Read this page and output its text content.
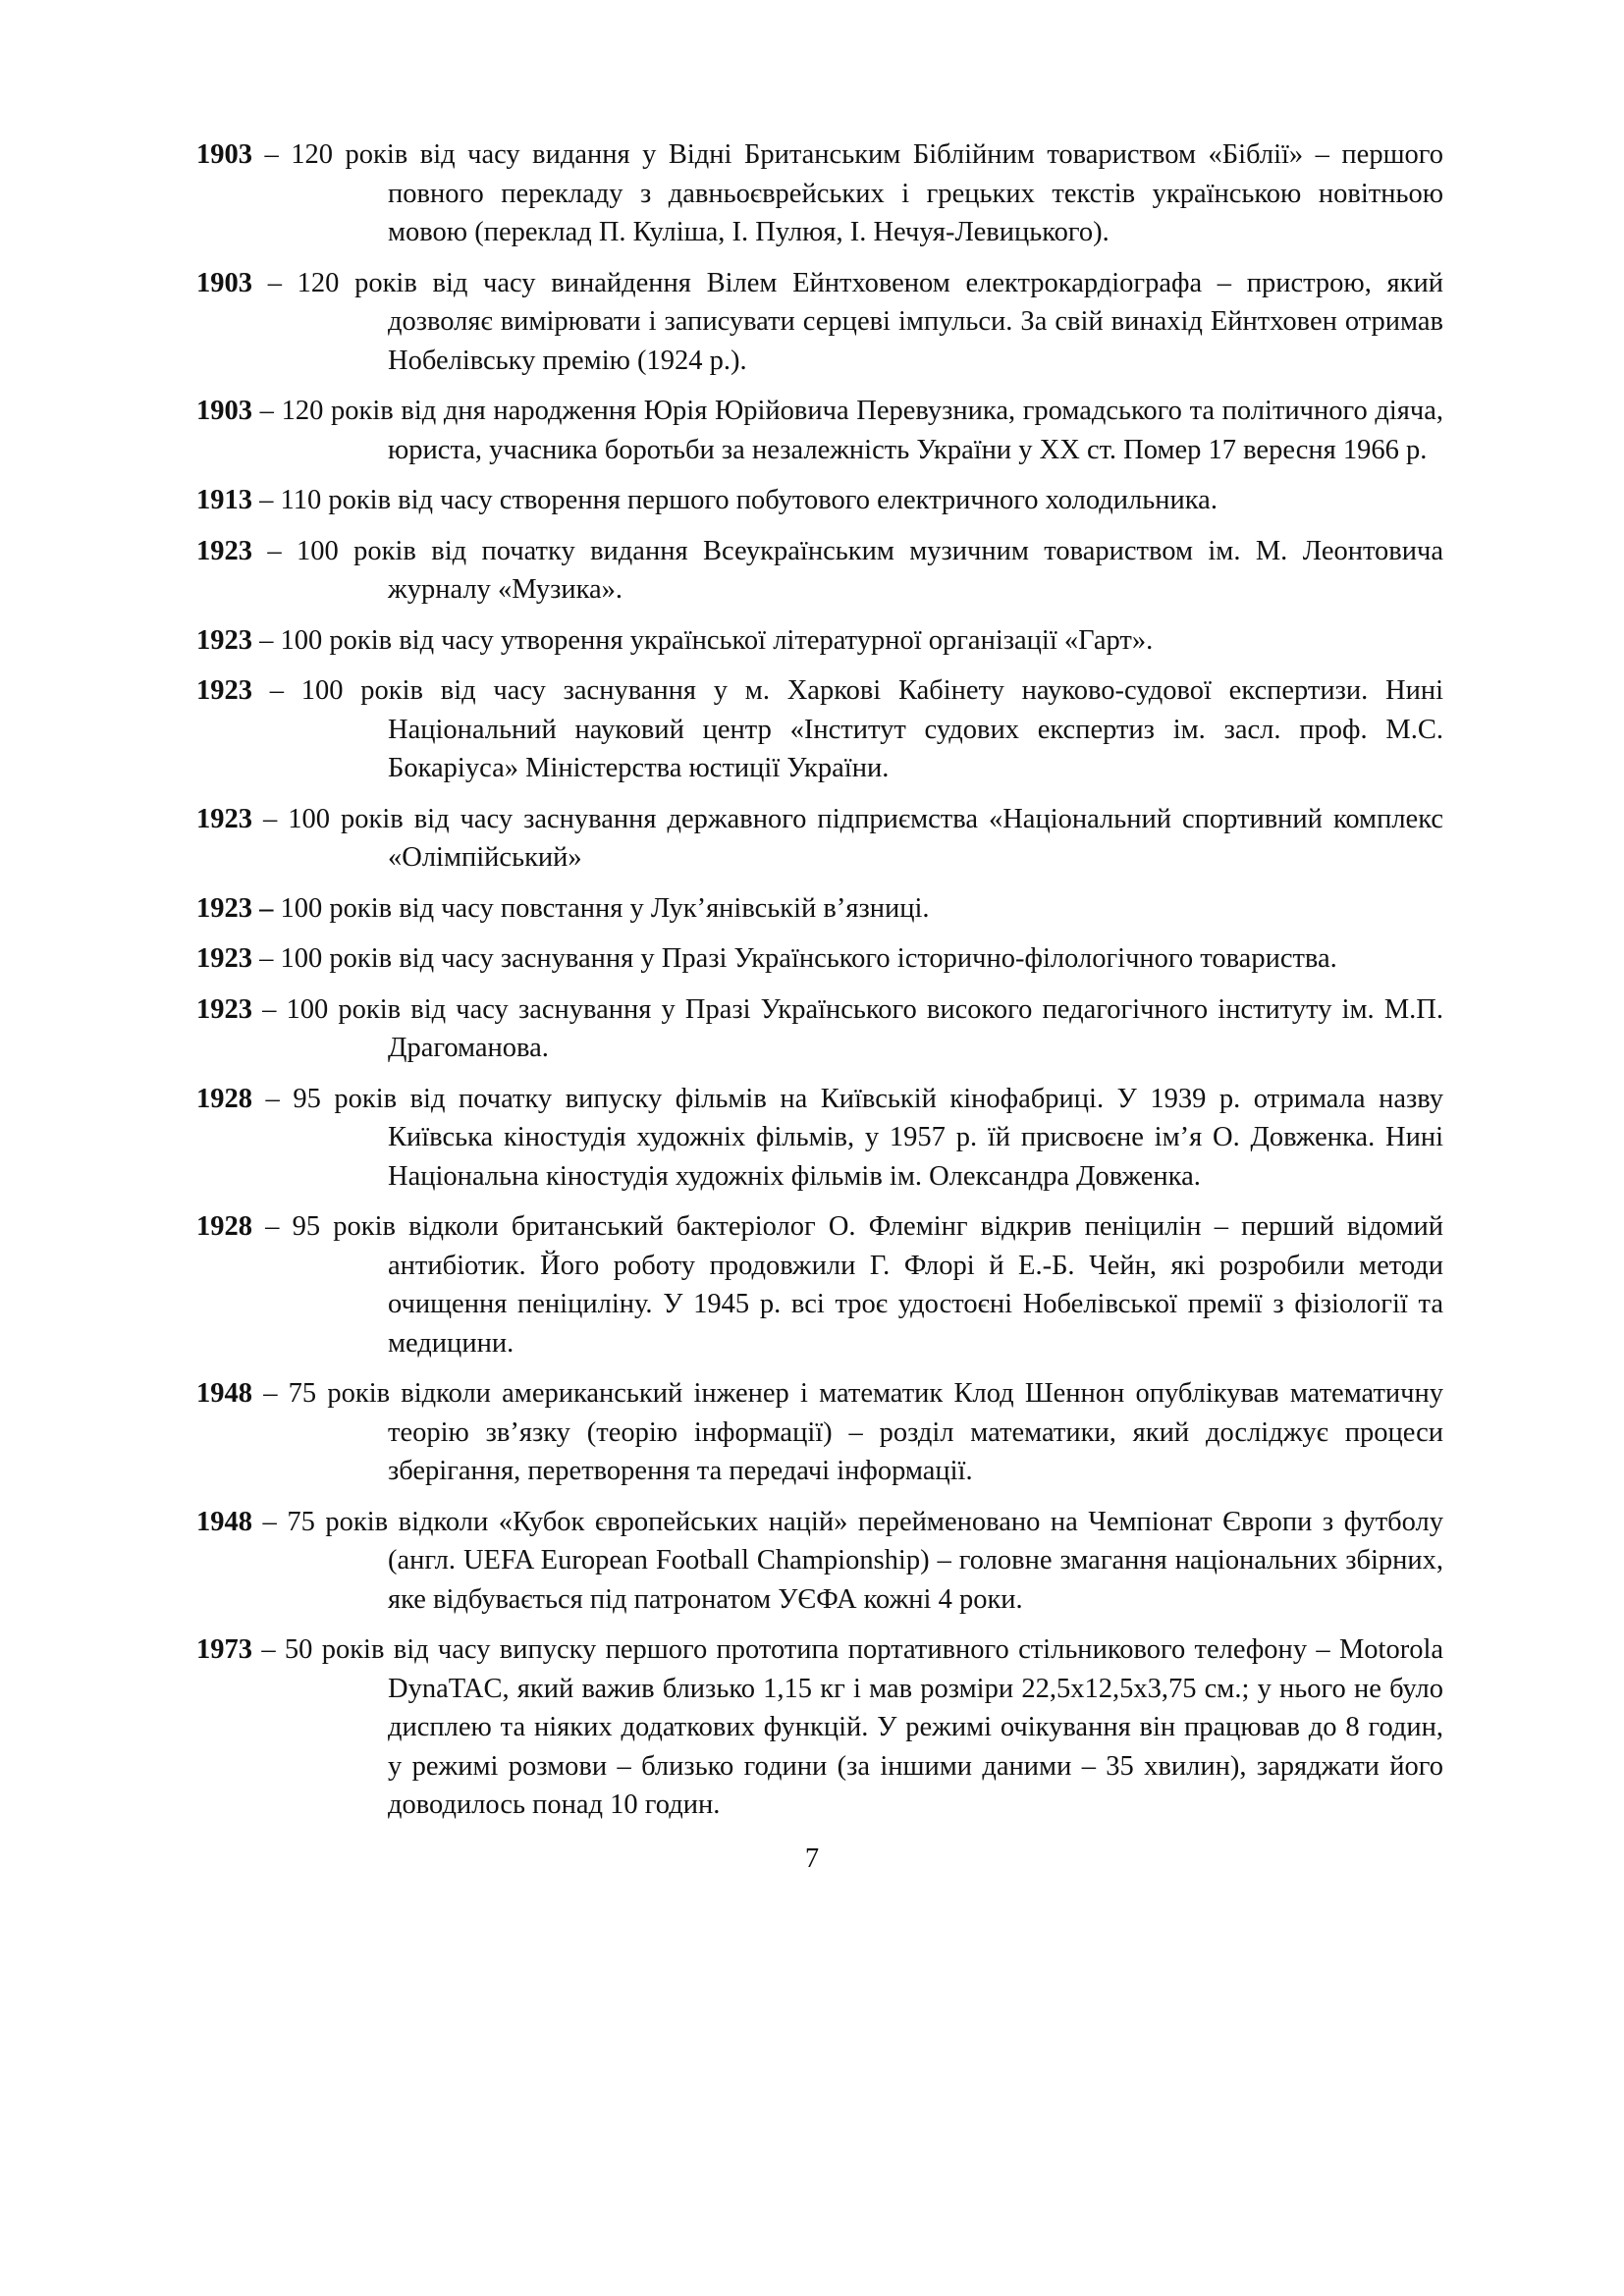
1903 – 120 років від часу видання у Відні Британським Біблійним товариством «Біблії» – першого повного перекладу з давньоєврейських і грецьких текстів українською новітньою мовою (переклад П. Куліша, І. Пулюя, І. Нечуя-Левицького).

1903 – 120 років від часу винайдення Вілем Ейнтховеном електрокардіографа – пристрою, який дозволяє вимірювати і записувати серцеві імпульси. За свій винахід Ейнтховен отримав Нобелівську премію (1924 р.).

1903 – 120 років від дня народження Юрія Юрійовича Перевузника, громадського та політичного діяча, юриста, учасника боротьби за незалежність України у ХХ ст. Помер 17 вересня 1966 р.

1913 – 110 років від часу створення першого побутового електричного холодильника.

1923 – 100 років від початку видання Всеукраїнським музичним товариством ім. М. Леонтовича журналу «Музика».

1923 – 100 років від часу утворення української літературної організації «Гарт».

1923 – 100 років від часу заснування у м. Харкові Кабінету науково-судової експертизи. Нині Національний науковий центр «Інститут судових експертиз ім. засл. проф. М.С. Бокаріуса» Міністерства юстиції України.

1923 – 100 років від часу заснування державного підприємства «Національний спортивний комплекс «Олімпійський»

1923 – 100 років від часу повстання у Лук’янівській в’язниці.

1923 – 100 років від часу заснування у Празі Українського історично-філологічного товариства.

1923 – 100 років від часу заснування у Празі Українського високого педагогічного інституту ім. М.П. Драгоманова.

1928 – 95 років від початку випуску фільмів на Київській кінофабриці. У 1939 р. отримала назву Київська кіностудія художніх фільмів, у 1957 р. їй присвоєне ім’я О. Довженка. Нині Національна кіностудія художніх фільмів ім. Олександра Довженка.

1928 – 95 років відколи британський бактеріолог О. Флемінг відкрив пеніцилін – перший відомий антибіотик. Його роботу продовжили Г. Флорі й Е.-Б. Чейн, які розробили методи очищення пеніциліну. У 1945 р. всі троє удостоєні Нобелівської премії з фізіології та медицини.

1948 – 75 років відколи американський інженер і математик Клод Шеннон опублікував математичну теорію зв’язку (теорію інформації) – розділ математики, який досліджує процеси зберігання, перетворення та передачі інформації.

1948 – 75 років відколи «Кубок європейських націй» перейменовано на Чемпіонат Європи з футболу (англ. UEFA European Football Championship) – головне змагання національних збірних, яке відбувається під патронатом УЄФА кожні 4 роки.

1973 – 50 років від часу випуску першого прототипа портативного стільникового телефону – Motorola DynaTAC, який важив близько 1,15 кг і мав розміри 22,5х12,5х3,75 см.; у нього не було дисплею та ніяких додаткових функцій. У режимі очікування він працював до 8 годин, у режимі розмови – близько години (за іншими даними – 35 хвилин), заряджати його доводилось понад 10 годин.

7
